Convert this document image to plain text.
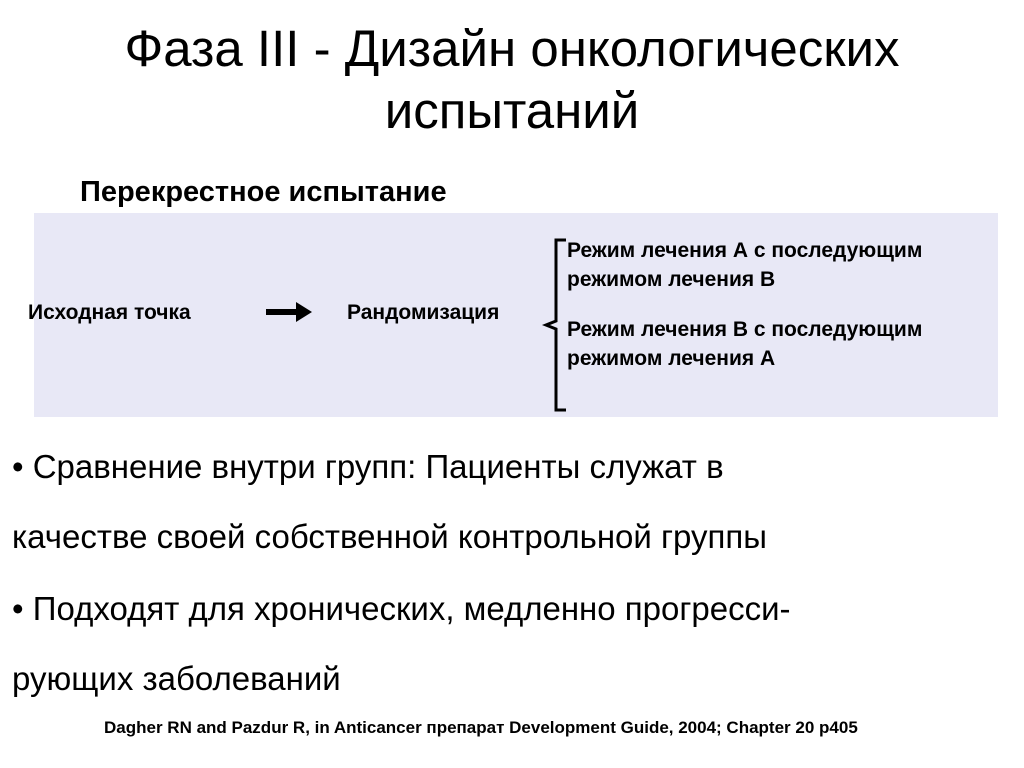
Фаза III - Дизайн онкологических
испытаний
Перекрестное испытание
Исходная точка	Рандомизация
Режим лечения А с последующим
режимом лечения В
Режим лечения В с последующим
режимом лечения А
• Сравнение внутри групп: Пациенты служат в
качестве своей собственной контрольной группы
• Подходят для хронических, медленно прогресси-
рующих заболеваний
Dagher RN and Pazdur R, in Anticancer препарат Development Guide, 2004; Chapter 20 p405
